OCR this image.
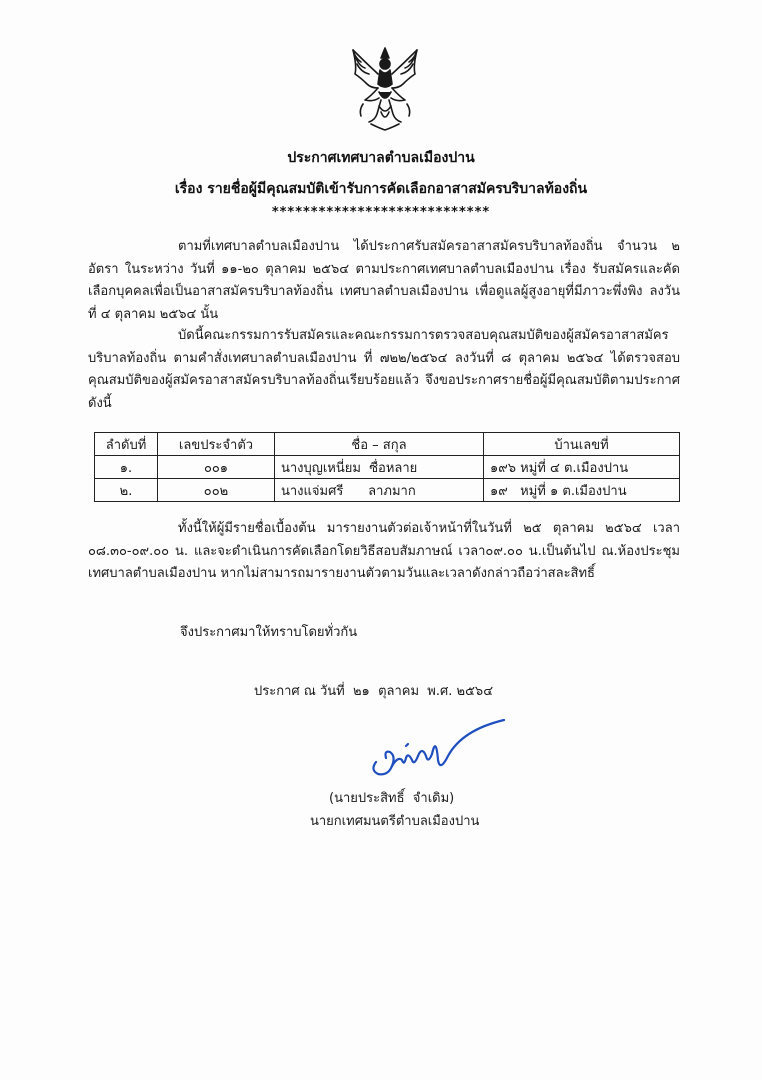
ประกาศเทศบาลตำบลเมืองปาน
เรื่อง รายชื่อผู้มีคุณสมบัติเข้ารับการคัดเลือกอาสาสมัครบริบาลท้องถิ่น
****************************
ตามที่เทศบาลตำบลเมืองปาน ได้ประกาศรับสมัครอาสาสมัครบริบาลท้องถิ่น จำนวน ๒ อัตรา ในระหว่าง วันที่ ๑๑-๒๐ ตุลาคม ๒๕๖๔ ตามประกาศเทศบาลตำบลเมืองปาน เรื่อง รับสมัครและคัดเลือกบุคคลเพื่อเป็นอาสาสมัครบริบาลท้องถิ่น เทศบาลตำบลเมืองปาน เพื่อดูแลผู้สูงอายุที่มีภาวะพึ่งพิง ลงวันที่ ๔ ตุลาคม ๒๕๖๔ นั้น
บัดนี้คณะกรรมการรับสมัครและคณะกรรมการตรวจสอบคุณสมบัติของผู้สมัครอาสาสมัครบริบาลท้องถิ่น ตามคำสั่งเทศบาลตำบลเมืองปาน ที่ ๗๒๒/๒๕๖๔ ลงวันที่ ๘ ตุลาคม ๒๕๖๔ ได้ตรวจสอบคุณสมบัติของผู้สมัครอาสาสมัครบริบาลท้องถิ่นเรียบร้อยแล้ว จึงขอประกาศรายชื่อผู้มีคุณสมบัติตามประกาศ ดังนี้
ลำดับที่	เลขประจำตัว	ชื่อ – สกุล	บ้านเลขที่
๑.	๐๐๑	นางบุญเหนี่ยม  ซื่อหลาย	๑๙๖ หมู่ที่ ๔ ต.เมืองปาน
๒.	๐๐๒	นางแจ่มศรี      ลาภมาก	๑๙   หมู่ที่ ๑ ต.เมืองปาน
ทั้งนี้ให้ผู้มีรายชื่อเบื้องต้น มารายงานตัวต่อเจ้าหน้าที่ในวันที่ ๒๕ ตุลาคม ๒๕๖๔ เวลา ๐๘.๓๐-๐๙.๐๐ น. และจะดำเนินการคัดเลือกโดยวิธีสอบสัมภาษณ์ เวลา๐๙.๐๐ น.เป็นต้นไป ณ.ห้องประชุมเทศบาลตำบลเมืองปาน หากไม่สามารถมารายงานตัวตามวันและเวลาดังกล่าวถือว่าสละสิทธิ์
จึงประกาศมาให้ทราบโดยทั่วกัน
ประกาศ ณ วันที่  ๒๑  ตุลาคม  พ.ศ. ๒๕๖๔
(นายประสิทธิ์  จำเดิม)
นายกเทศมนตรีตำบลเมืองปาน
